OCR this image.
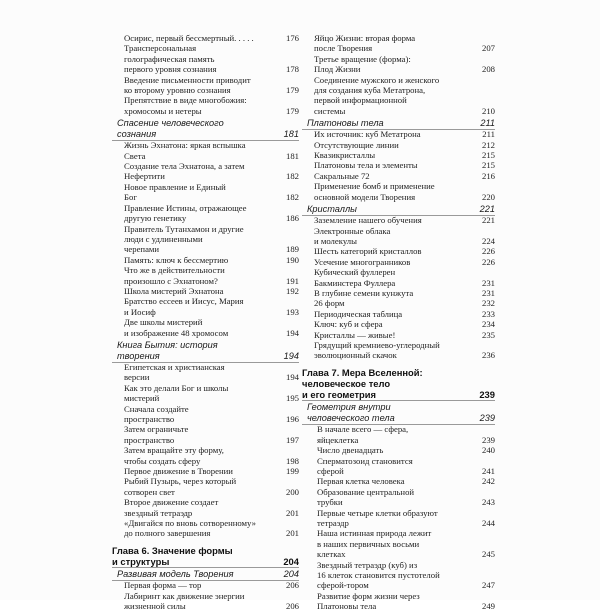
Осирис, первый бессмертный. . . . .	176
Трансперсональная
голографическая память
первого уровня сознания	178
Введение письменности приводит
ко второму уровню сознания	179
Препятствие в виде многобожия:
хромосомы и нетеры	179
Спасение человеческого
сознания	181
Жизнь Эхнатона: яркая вспышка
Света	181
Создание тела Эхнатона, а затем
Нефертити	182
Новое правление и Единый
Бог	182
Правление Истины, отражающее
другую генетику	186
Правитель Тутанхамон и другие
люди с удлиненными
черепами	189
Память: ключ к бессмертию	190
Что же в действительности
произошло с Эхнатоном?	191
Школа мистерий Эхнатона	192
Братство ессеев и Иисус, Мария
и Иосиф	193
Две школы мистерий
и изображение 48 хромосом	194
Книга Бытия: история
творения	194
Египетская и христианская
версии	194
Как это делали Бог и школы
мистерий	195
Сначала создайте
пространство	196
Затем ограничьте
пространство	197
Затем вращайте эту форму,
чтобы создать сферу	198
Первое движение в Творении	199
Рыбий Пузырь, через который
сотворен свет	200
Второе движение создает
звездный тетраэдр	201
«Двигайся по вновь сотворенному»
до полного завершения	201
Глава 6. Значение формы
и структуры	204
Развивая модель Творения	204
Первая форма — тор	206
Лабиринт как движение энергии
жизненной силы	206
Яйцо Жизни: вторая форма
после Творения	207
Третье вращение (форма):
Плод Жизни	208
Соединение мужского и женского
для создания куба Метатрона,
первой информационной
системы	210
Платоновы тела	211
Их источник: куб Метатрона	211
Отсутствующие линии	212
Квазикристаллы	215
Платоновы тела и элементы	215
Сакральные 72	216
Применение бомб и применение
основной модели Творения	220
Кристаллы	221
Заземление нашего обучения	221
Электронные облака
и молекулы	224
Шесть категорий кристаллов	226
Усечение многогранников	226
Кубический фуллерен
Бакминстера Фуллера	231
В глубине семени кунжута	231
26 форм	232
Периодическая таблица	233
Ключ: куб и сфера	234
Кристаллы — живые!	235
Грядущий кремниево-углеродный
эволюционный скачок	236
Глава 7. Мера Вселенной:
человеческое тело
и его геометрия	239
Геометрия внутри
человеческого тела	239
В начале всего — сфера,
яйцеклетка	239
Число двенадцать	240
Сперматозоид становится
сферой	241
Первая клетка человека	242
Образование центральной
трубки	243
Первые четыре клетки образуют
тетраэдр	244
Наша истинная природа лежит
в наших первичных восьми
клетках	245
Звездный тетраэдр (куб) из
16 клеток становится пустотелой
сферой-тором	247
Развитие форм жизни через
Платоновы тела	249
